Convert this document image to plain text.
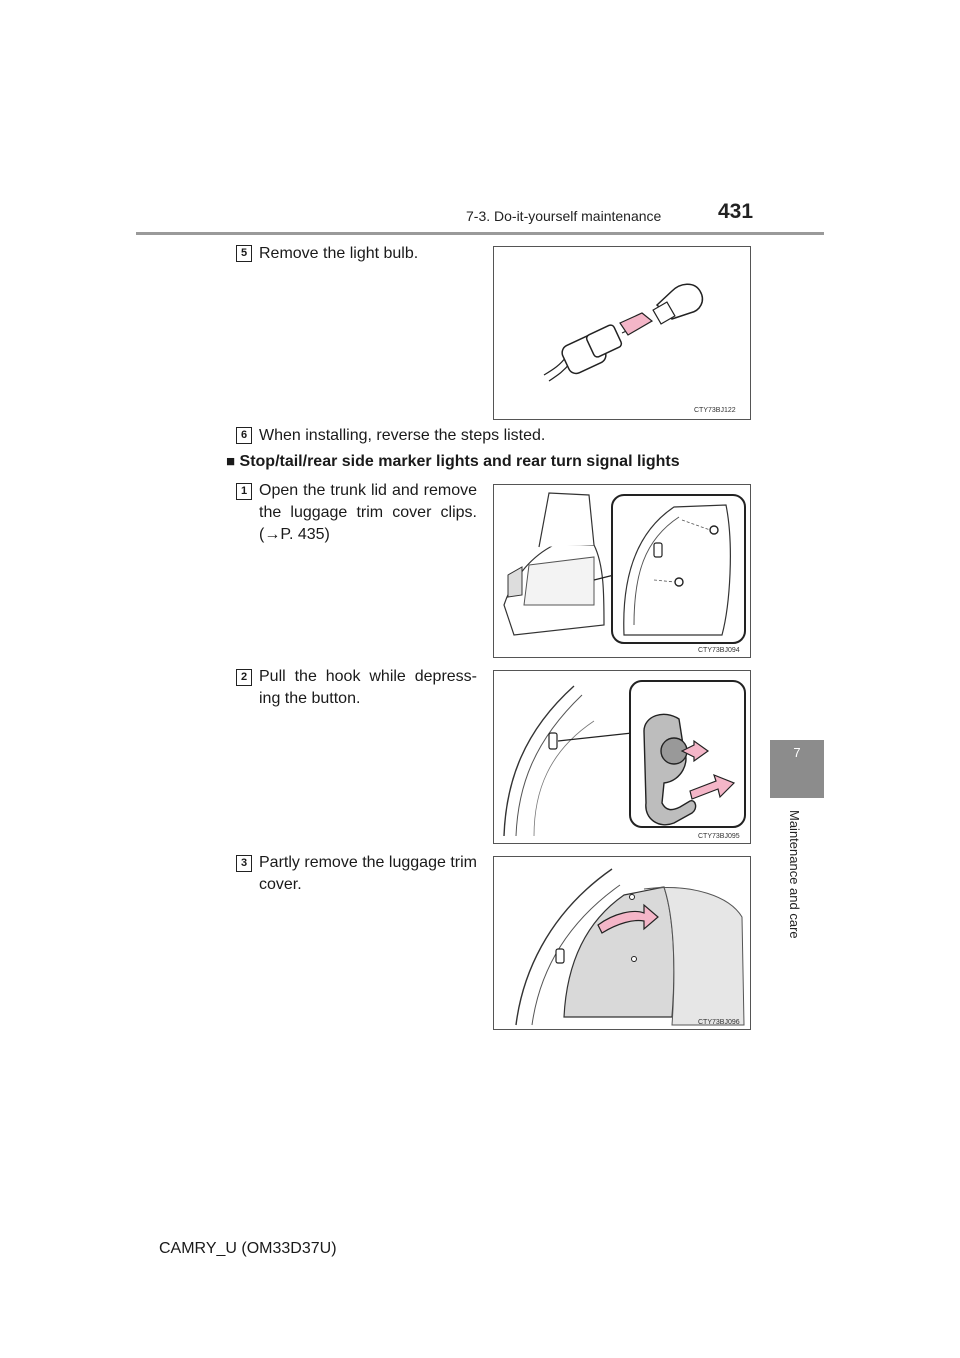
7-3. Do-it-yourself maintenance	431
7
Maintenance and care
5 Remove the light bulb.
CTY73BJ122
6 When installing, reverse the steps listed.
■ Stop/tail/rear side marker lights and rear turn signal lights
1 Open the trunk lid and remove the luggage trim cover clips. (→P. 435)
CTY73BJ094
2 Pull the hook while depress-ing the button.
CTY73BJ095
3 Partly remove the luggage trim cover.
CTY73BJ096
CAMRY_U (OM33D37U)
